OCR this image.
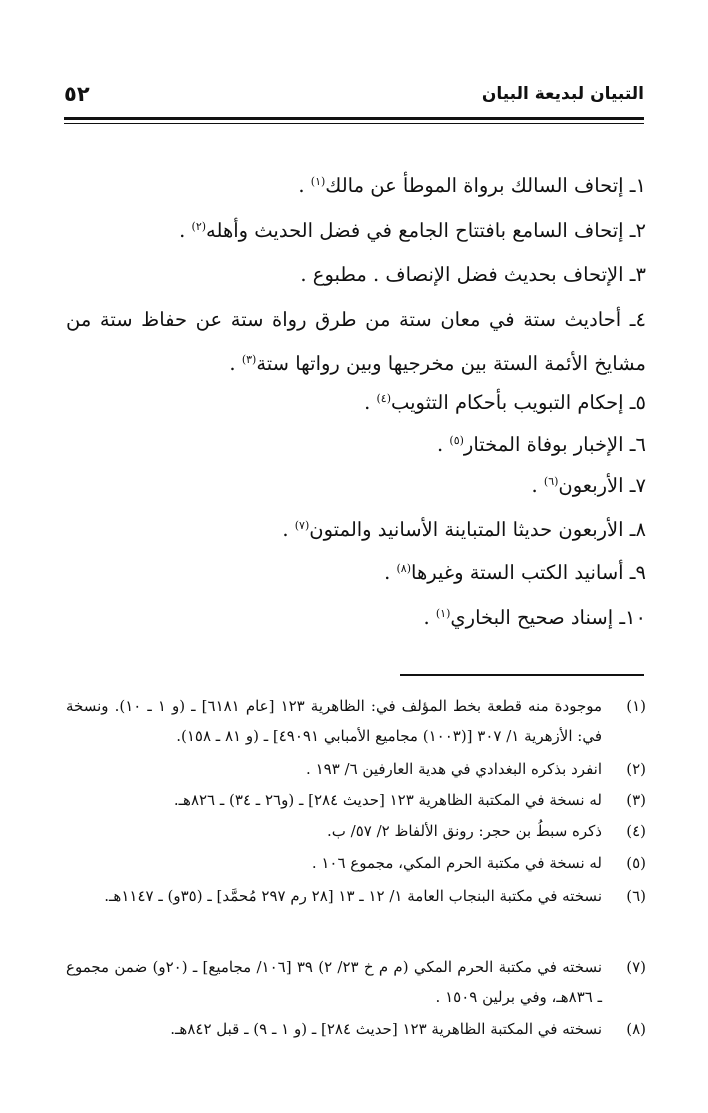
التبيان لبديعة البيان
٥٢
١ـ إتحاف السالك برواة الموطأ عن مالك$^{(١)}$ .
٢ـ إتحاف السامع بافتتاح الجامع في فضل الحديث وأهله$^{(٢)}$ .
٣ـ الإتحاف بحديث فضل الإنصاف . مطبوع .
٤ـ أحاديث ستة في معان ستة من طرق رواة ستة عن حفاظ ستة من مشايخ الأئمة الستة بين مخرجيها وبين رواتها ستة$^{(٣)}$ .
٥ـ إحكام التبويب بأحكام التثويب$^{(٤)}$ .
٦ـ الإخبار بوفاة المختار$^{(٥)}$ .
٧ـ الأربعون$^{(٦)}$ .
٨ـ الأربعون حديثا المتباينة الأسانيد والمتون$^{(٧)}$ .
٩ـ أسانيد الكتب الستة وغيرها$^{(٨)}$ .
١٠ـ إسناد صحيح البخاري$^{(١)}$ .
(١)
موجودة منه قطعة بخط المؤلف في: الظاهرية ١٢٣ [عام ٦١٨١] ـ (و ١ ـ ١٠). ونسخة في: الأزهرية ١/ ٣٠٧ [(١٠٠٣) مجاميع الأمبابي ٤٩٠٩١] ـ (و ٨١ ـ ١٥٨).
(٢)
انفرد بذكره البغدادي في هدية العارفين ٦/ ١٩٣ .
(٣)
له نسخة في المكتبة الظاهرية ١٢٣ [حديث ٢٨٤] ـ (و٢٦ ـ ٣٤) ـ ٨٢٦هـ.
(٤)
ذكره سبطُ بن حجر: رونق الألفاظ ٢/ ٥٧/ ب.
(٥)
له نسخة في مكتبة الحرم المكي، مجموع ١٠٦ .
(٦)
نسخته في مكتبة البنجاب العامة ١/ ١٢ ـ ١٣ [٢٨ رم ٢٩٧ مُحمَّد] ـ (٣٥و) ـ ١١٤٧هـ.
(٧)
نسخته في مكتبة الحرم المكي (م م خ ٢٣/ ٢) ٣٩ [١٠٦/ مجاميع] ـ (٢٠و) ضمن مجموع ـ ٨٣٦هـ، وفي برلين ١٥٠٩ .
(٨)
نسخته في المكتبة الظاهرية ١٢٣ [حديث ٢٨٤] ـ (و ١ ـ ٩) ـ قبل ٨٤٢هـ.
